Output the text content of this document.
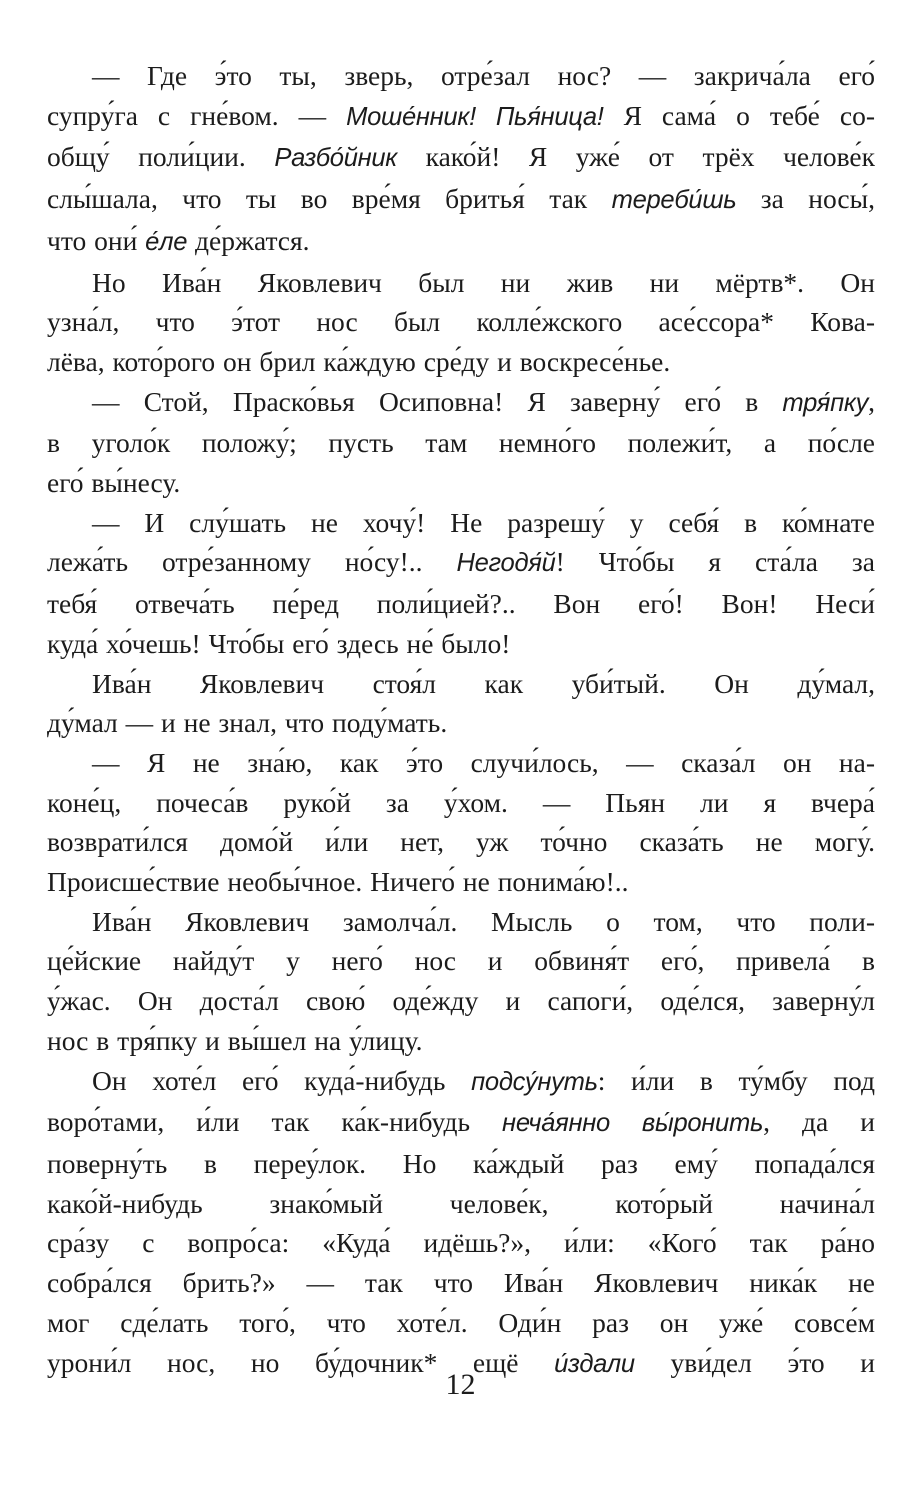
— Где э́то ты, зверь, отре́зал нос? — закрича́ла его́
супру́га с гне́вом. — Моше́нник! Пья́ница! Я сама́ о тебе́ со-
общу́ поли́ции. Разбо́йник како́й! Я уже́ от трёх челове́к
слы́шала, что ты во вре́мя бритья́ так тереби́шь за носы́,
что они́ е́ле де́ржатся.
Но Ива́н Яковлевич был ни жив ни мёртв*. Он
узна́л, что э́тот нос был колле́жского асе́ссора* Кова-
лёва, кото́рого он брил ка́ждую сре́ду и воскресе́нье.
— Стой, Праско́вья Осиповна! Я заверну́ его́ в тря́пку,
в уголо́к положу́; пусть там немно́го полежи́т, а по́сле
его́ вы́несу.
— И слу́шать не хочу́! Не разрешу́ у себя́ в ко́мнате
лежа́ть отре́занному но́су!.. Негодя́й! Что́бы я ста́ла за
тебя́ отвеча́ть пе́ред поли́цией?.. Вон его́! Вон! Неси́
куда́ хо́чешь! Что́бы его́ здесь не́ было!
Ива́н Яковлевич стоя́л как уби́тый. Он ду́мал,
ду́мал — и не знал, что поду́мать.
— Я не зна́ю, как э́то случи́лось, — сказа́л он на-
коне́ц, почеса́в руко́й за у́хом. — Пьян ли я вчера́
возврати́лся домо́й и́ли нет, уж то́чно сказа́ть не могу́.
Происше́ствие необы́чное. Ничего́ не понима́ю!..
Ива́н Яковлевич замолча́л. Мысль о том, что поли-
це́йские найду́т у него́ нос и обвиня́т его́, привела́ в
у́жас. Он доста́л свою́ оде́жду и сапоги́, оде́лся, заверну́л
нос в тря́пку и вы́шел на у́лицу.
Он хоте́л его́ куда́-нибудь подсу́нуть: и́ли в ту́мбу под
воро́тами, и́ли так ка́к-нибудь неча́янно вы́ронить, да и
поверну́ть в переу́лок. Но ка́ждый раз ему́ попада́лся
како́й-нибудь знако́мый челове́к, кото́рый начина́л
сра́зу с вопро́са: «Куда́ идёшь?», и́ли: «Кого́ так ра́но
собра́лся брить?» — так что Ива́н Яковлевич ника́к не
мог сде́лать того́, что хоте́л. Оди́н раз он уже́ совсе́м
урони́л нос, но бу́дочник* ещё и́здали уви́дел э́то и
12
